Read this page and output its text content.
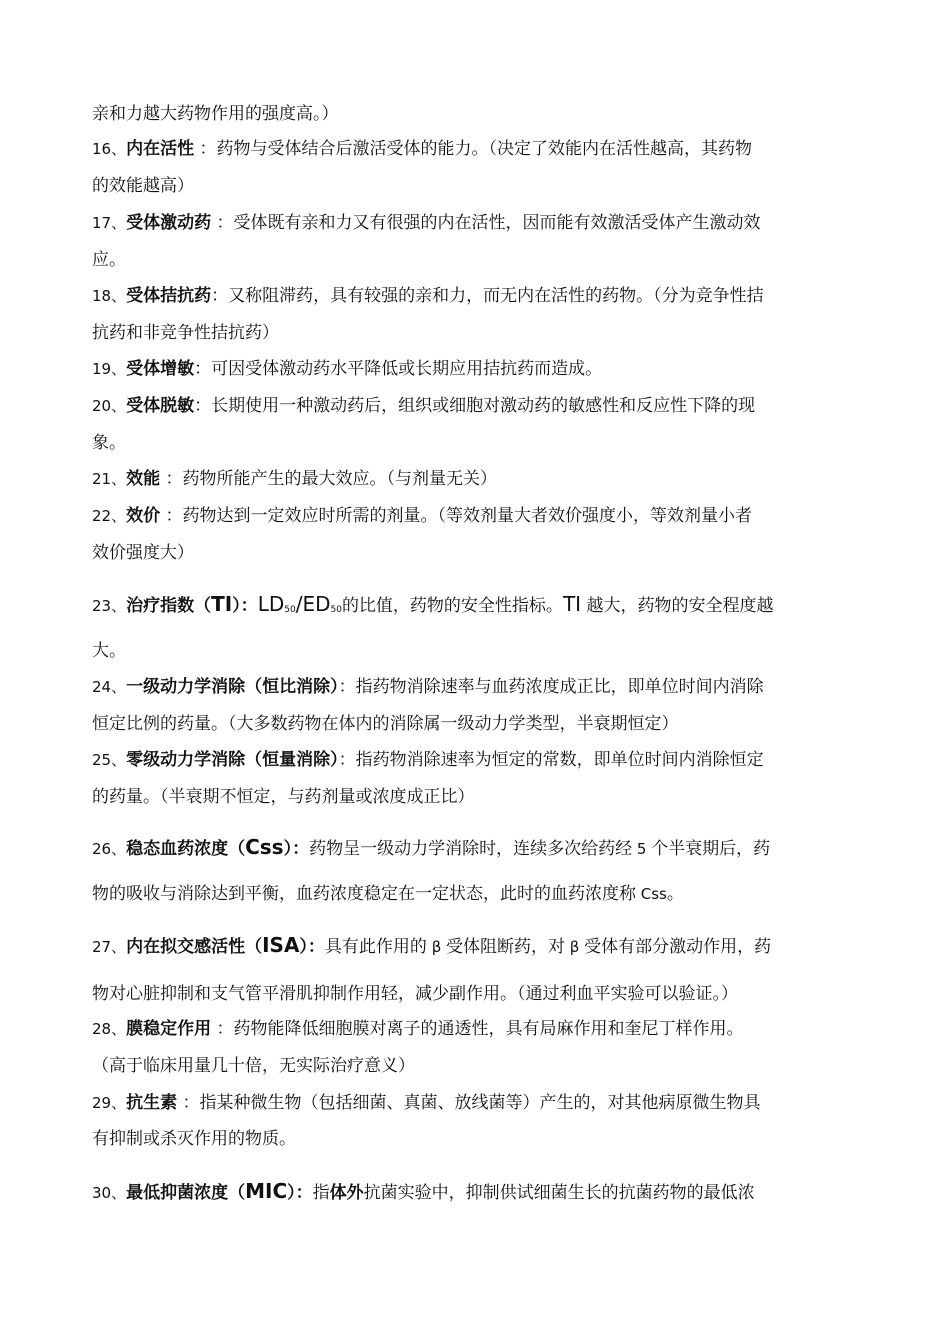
亲和力越大药物作用的强度高。）
16、内在活性 ：药物与受体结合后激活受体的能力。（决定了效能内在活性越高，其药物
的效能越高）
17、受体激动药 ：受体既有亲和力又有很强的内在活性，因而能有效激活受体产生激动效
应。
18、受体拮抗药：又称阻滞药，具有较强的亲和力，而无内在活性的药物。（分为竞争性拮
抗药和非竞争性拮抗药）
19、受体增敏：可因受体激动药水平降低或长期应用拮抗药而造成。
20、受体脱敏：长期使用一种激动药后，组织或细胞对激动药的敏感性和反应性下降的现
象。
21、效能 ：药物所能产生的最大效应。（与剂量无关）
22、效价 ：药物达到一定效应时所需的剂量。（等效剂量大者效价强度小，等效剂量小者
效价强度大）
23、治疗指数（TI）：$LD_{50}/ED_{50}$的比值，药物的安全性指标。TI 越大，药物的安全程度越
大。
24、一级动力学消除（恒比消除）：指药物消除速率与血药浓度成正比，即单位时间内消除
恒定比例的药量。（大多数药物在体内的消除属一级动力学类型，半衰期恒定）
25、零级动力学消除（恒量消除）：指药物消除速率为恒定的常数，即单位时间内消除恒定
的药量。（半衰期不恒定，与药剂量或浓度成正比）
26、稳态血药浓度（Css）：药物呈一级动力学消除时，连续多次给药经 5 个半衰期后，药
物的吸收与消除达到平衡，血药浓度稳定在一定状态，此时的血药浓度称 Css。
27、内在拟交感活性（ISA）：具有此作用的 β 受体阻断药，对 β 受体有部分激动作用，药
物对心脏抑制和支气管平滑肌抑制作用轻，减少副作用。（通过利血平实验可以验证。）
28、膜稳定作用 ：药物能降低细胞膜对离子的通透性，具有局麻作用和奎尼丁样作用。
（高于临床用量几十倍，无实际治疗意义）
29、抗生素 ：指某种微生物（包括细菌、真菌、放线菌等）产生的，对其他病原微生物具
有抑制或杀灭作用的物质。
30、最低抑菌浓度（MIC）：指体外抗菌实验中，抑制供试细菌生长的抗菌药物的最低浓
